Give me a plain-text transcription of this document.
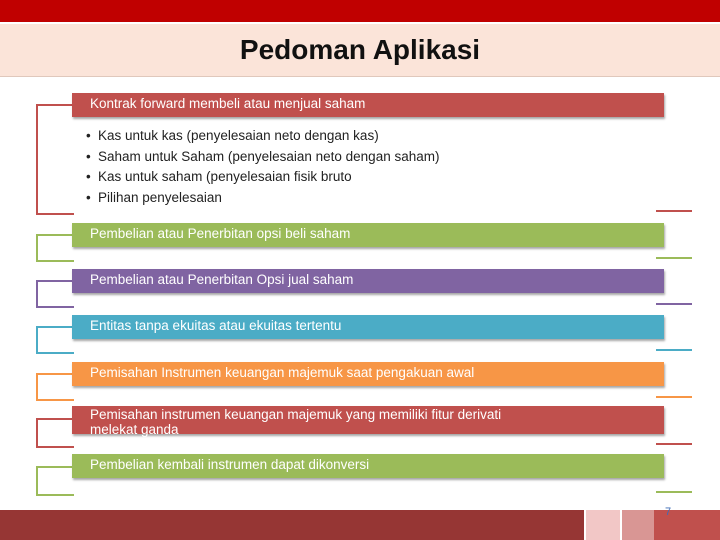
Pedoman Aplikasi
Kontrak forward membeli atau menjual saham
• Kas untuk kas (penyelesaian neto dengan kas)
• Saham untuk Saham (penyelesaian neto dengan saham)
• Kas untuk saham (penyelesaian fisik bruto
• Pilihan penyelesaian
Pembelian atau Penerbitan opsi beli saham
Pembelian atau Penerbitan Opsi jual saham
Entitas tanpa ekuitas atau ekuitas tertentu
Pemisahan Instrumen keuangan majemuk saat pengakuan awal
Pemisahan instrumen keuangan majemuk yang memiliki fitur derivati melekat ganda
Pembelian kembali instrumen dapat dikonversi
7
